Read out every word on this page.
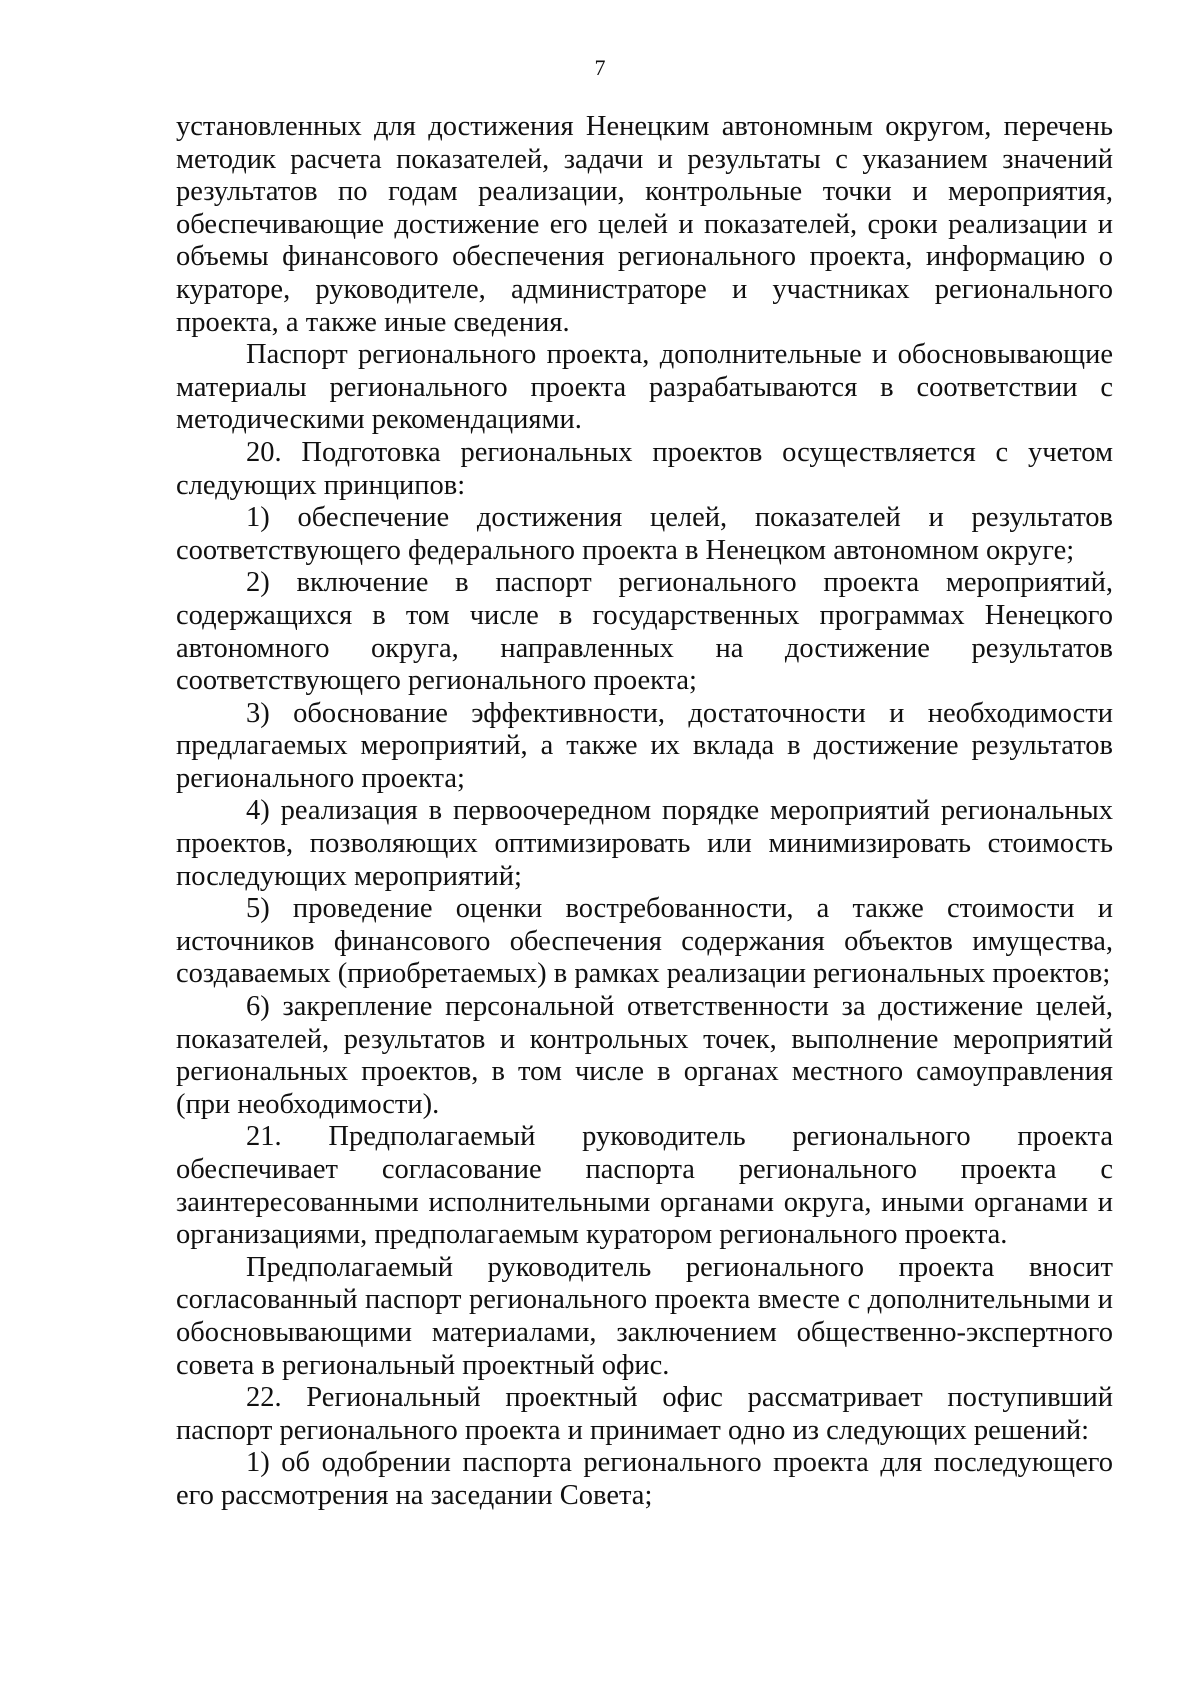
7

установленных для достижения Ненецким автономным округом, перечень методик расчета показателей, задачи и результаты с указанием значений результатов по годам реализации, контрольные точки и мероприятия, обеспечивающие достижение его целей и показателей, сроки реализации и объемы финансового обеспечения регионального проекта, информацию о кураторе, руководителе, администраторе и участниках регионального проекта, а также иные сведения.

Паспорт регионального проекта, дополнительные и обосновывающие материалы регионального проекта разрабатываются в соответствии с методическими рекомендациями.

20. Подготовка региональных проектов осуществляется с учетом следующих принципов:

1) обеспечение достижения целей, показателей и результатов соответствующего федерального проекта в Ненецком автономном округе;

2) включение в паспорт регионального проекта мероприятий, содержащихся в том числе в государственных программах Ненецкого автономного округа, направленных на достижение результатов соответствующего регионального проекта;

3) обоснование эффективности, достаточности и необходимости предлагаемых мероприятий, а также их вклада в достижение результатов регионального проекта;

4) реализация в первоочередном порядке мероприятий региональных проектов, позволяющих оптимизировать или минимизировать стоимость последующих мероприятий;

5) проведение оценки востребованности, а также стоимости и источников финансового обеспечения содержания объектов имущества, создаваемых (приобретаемых) в рамках реализации региональных проектов;

6) закрепление персональной ответственности за достижение целей, показателей, результатов и контрольных точек, выполнение мероприятий региональных проектов, в том числе в органах местного самоуправления (при необходимости).

21. Предполагаемый руководитель регионального проекта обеспечивает согласование паспорта регионального проекта с заинтересованными исполнительными органами округа, иными органами и организациями, предполагаемым куратором регионального проекта.

Предполагаемый руководитель регионального проекта вносит согласованный паспорт регионального проекта вместе с дополнительными и обосновывающими материалами, заключением общественно-экспертного совета в региональный проектный офис.

22. Региональный проектный офис рассматривает поступивший паспорт регионального проекта и принимает одно из следующих решений:

1) об одобрении паспорта регионального проекта для последующего его рассмотрения на заседании Совета;
